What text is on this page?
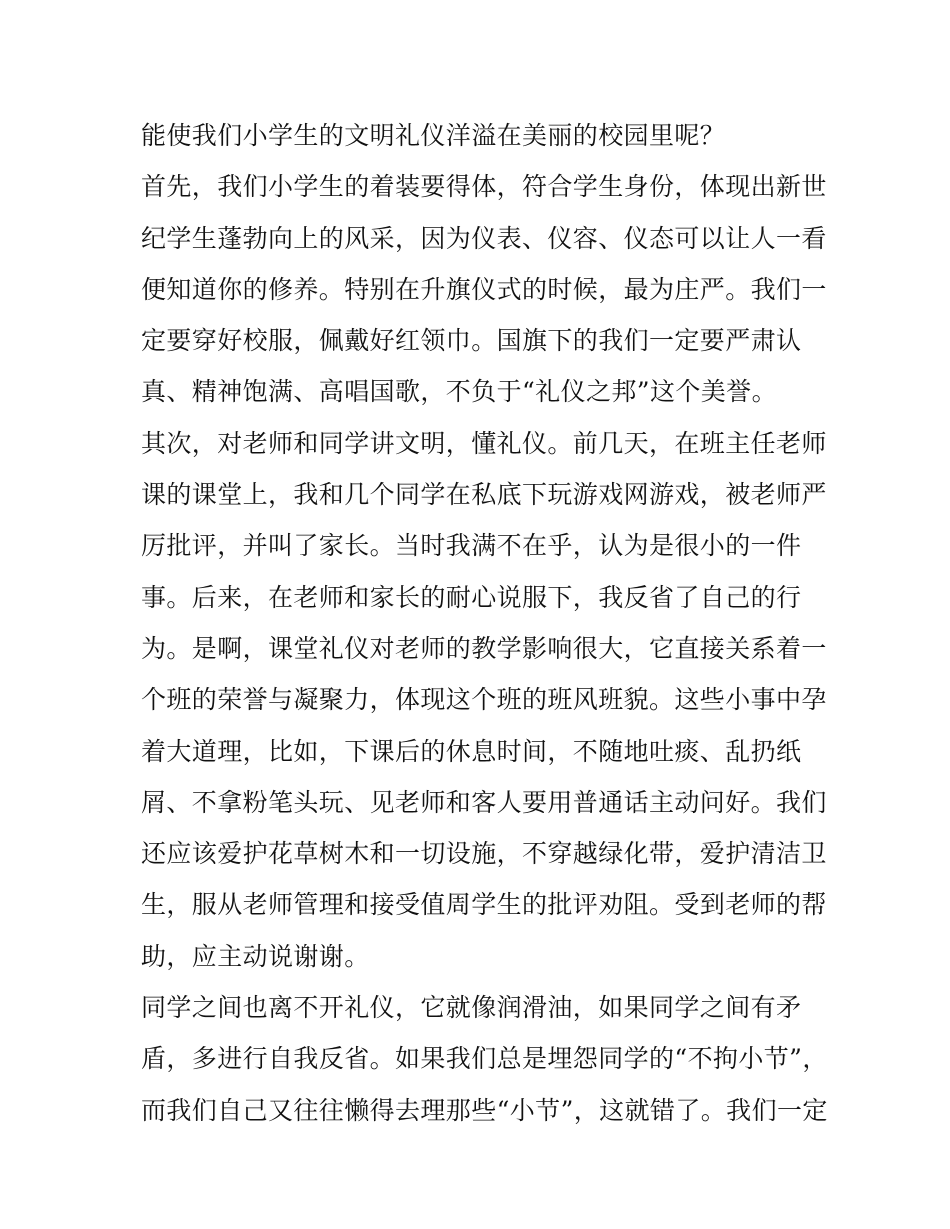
能使我们小学生的文明礼仪洋溢在美丽的校园里呢？
首先，我们小学生的着装要得体，符合学生身份，体现出新世
纪学生蓬勃向上的风采，因为仪表、仪容、仪态可以让人一看
便知道你的修养。特别在升旗仪式的时候，最为庄严。我们一
定要穿好校服，佩戴好红领巾。国旗下的我们一定要严肃认
真、精神饱满、高唱国歌，不负于“礼仪之邦”这个美誉。
其次，对老师和同学讲文明，懂礼仪。前几天，在班主任老师
课的课堂上，我和几个同学在私底下玩游戏网游戏，被老师严
厉批评，并叫了家长。当时我满不在乎，认为是很小的一件
事。后来，在老师和家长的耐心说服下，我反省了自己的行
为。是啊，课堂礼仪对老师的教学影响很大，它直接关系着一
个班的荣誉与凝聚力，体现这个班的班风班貌。这些小事中孕
着大道理，比如，下课后的休息时间，不随地吐痰、乱扔纸
屑、不拿粉笔头玩、见老师和客人要用普通话主动问好。我们
还应该爱护花草树木和一切设施，不穿越绿化带，爱护清洁卫
生，服从老师管理和接受值周学生的批评劝阻。受到老师的帮
助，应主动说谢谢。
同学之间也离不开礼仪，它就像润滑油，如果同学之间有矛
盾，多进行自我反省。如果我们总是埋怨同学的“不拘小节”，
而我们自己又往往懒得去理那些“小节”，这就错了。我们一定
